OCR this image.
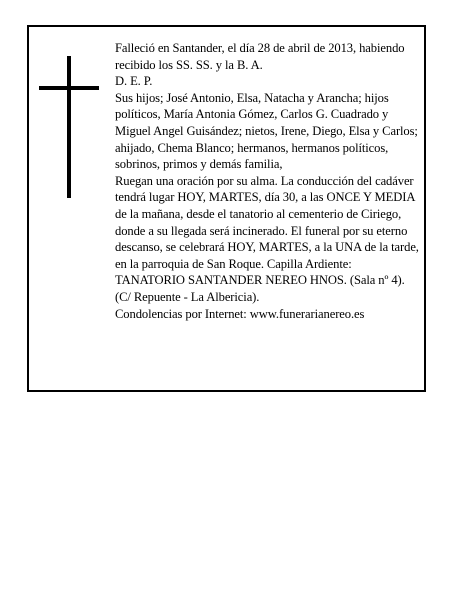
Falleció en Santander, el día 28 de abril de 2013, habiendo recibido los SS. SS. y la B. A.

D. E. P.

Sus hijos; José Antonio, Elsa, Natacha y Arancha; hijos políticos, María Antonia Gómez, Carlos G. Cuadrado y Miguel Angel Guisández; nietos, Irene, Diego, Elsa y Carlos; ahijado, Chema Blanco; hermanos, hermanos políticos, sobrinos, primos y demás familia,

Ruegan una oración por su alma. La conducción del cadáver tendrá lugar HOY, MARTES, día 30, a las ONCE Y MEDIA de la mañana, desde el tanatorio al cementerio de Ciriego, donde a su llegada será incinerado. El funeral por su eterno descanso, se celebrará HOY, MARTES, a la UNA de la tarde, en la parroquia de San Roque. Capilla Ardiente: TANATORIO SANTANDER NEREO HNOS. (Sala nº 4). (C/ Repuente - La Albericia).

Condolencias por Internet: www.funerarianereo.es
